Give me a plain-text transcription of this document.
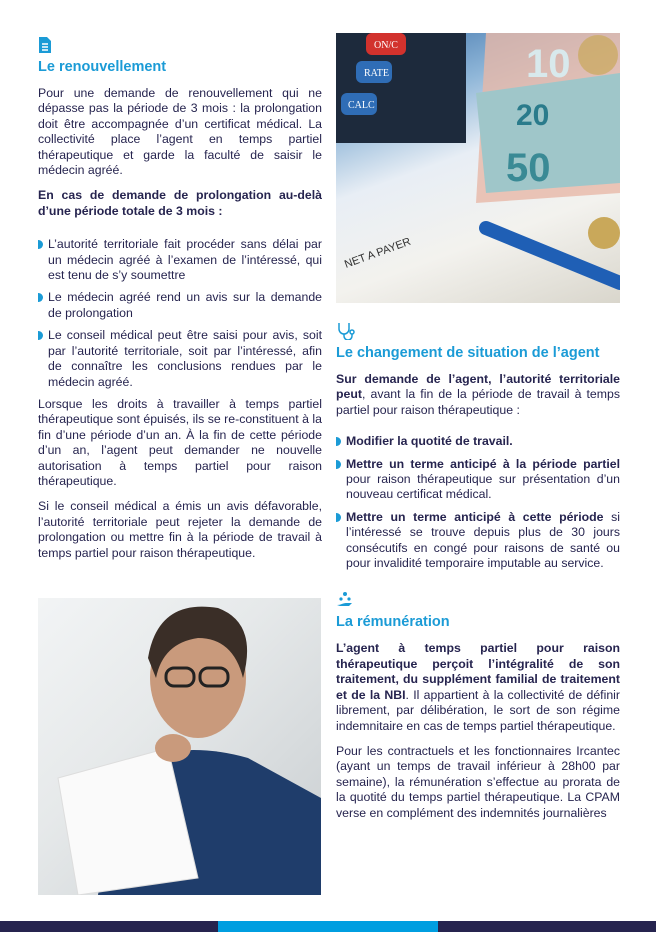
Le renouvellement

Pour une demande de renouvellement qui ne dépasse pas la période de 3 mois : la prolongation doit être accompagnée d’un certificat médical. La collectivité place l’agent en temps partiel thérapeutique et garde la faculté de saisir le médecin agréé.

En cas de demande de prolongation au-delà d’une période totale de 3 mois :

L’autorité territoriale fait procéder sans délai par un médecin agréé à l’examen de l’intéressé, qui est tenu de s’y soumettre
Le médecin agréé rend un avis sur la demande de prolongation
Le conseil médical peut être saisi pour avis, soit par l’autorité territoriale, soit par l’intéressé, afin de connaître les conclusions rendues par le médecin agréé.

Lorsque les droits à travailler à temps partiel thérapeutique sont épuisés, ils se re-constituent à la fin d’une période d’un an. À la fin de cette période d’un an, l’agent peut demander ne nouvelle autorisation à temps partiel pour raison thérapeutique.

Si le conseil médical a émis un avis défavorable, l’autorité territoriale peut rejeter la demande de prolongation ou mettre fin à la période de travail à temps partiel pour raison thérapeutique.

ON/C
RATE
CALC
10
20
50
NET A PAYER
Le changement de situation de l’agent

Sur demande de l’agent, l’autorité territoriale peut, avant la fin de la période de travail à temps partiel pour raison thérapeutique :

Modifier la quotité de travail.
Mettre un terme anticipé à la période partiel pour raison thérapeutique sur présentation d’un nouveau certificat médical.
Mettre un terme anticipé à cette période si l’intéressé se trouve depuis plus de 30 jours consécutifs en congé pour raisons de santé ou pour invalidité temporaire imputable au service.
La rémunération

L’agent à temps partiel pour raison thérapeutique perçoit l’intégralité de son traitement, du supplément familial de traitement et de la NBI. Il appartient à la collectivité de définir librement, par délibération, le sort de son régime indemnitaire en cas de temps partiel thérapeutique.

Pour les contractuels et les fonctionnaires Ircantec (ayant un temps de travail inférieur à 28h00 par semaine), la rémunération s’effectue au prorata de la quotité du temps partiel thérapeutique. La CPAM verse en complément des indemnités journalières
